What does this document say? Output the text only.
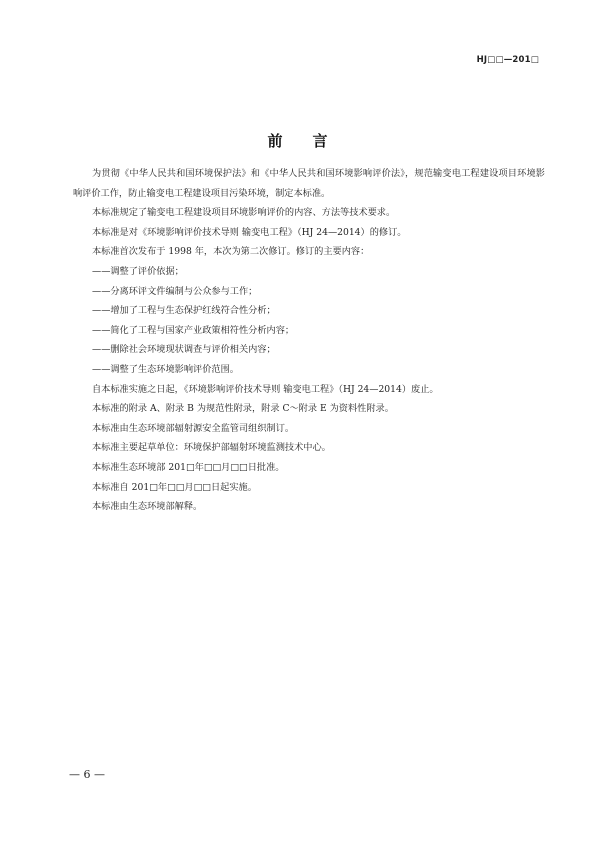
HJ□□—201□
前　　言

为贯彻《中华人民共和国环境保护法》和《中华人民共和国环境影响评价法》，规范输变电工程建设项目环境影响评价工作，防止输变电工程建设项目污染环境，制定本标准。

本标准规定了输变电工程建设项目环境影响评价的内容、方法等技术要求。

本标准是对《环境影响评价技术导则 输变电工程》（HJ 24—2014）的修订。

本标准首次发布于 1998 年，本次为第二次修订。修订的主要内容：

——调整了评价依据；

——分离环评文件编制与公众参与工作；

——增加了工程与生态保护红线符合性分析；

——简化了工程与国家产业政策相符性分析内容；

——删除社会环境现状调查与评价相关内容；

——调整了生态环境影响评价范围。

自本标准实施之日起，《环境影响评价技术导则 输变电工程》（HJ 24—2014）废止。

本标准的附录 A、附录 B 为规范性附录，附录 C～附录 E 为资料性附录。

本标准由生态环境部辐射源安全监管司组织制订。

本标准主要起草单位：环境保护部辐射环境监测技术中心。

本标准生态环境部 201□年□□月□□日批准。

本标准自 201□年□□月□□日起实施。

本标准由生态环境部解释。

— 6 —
